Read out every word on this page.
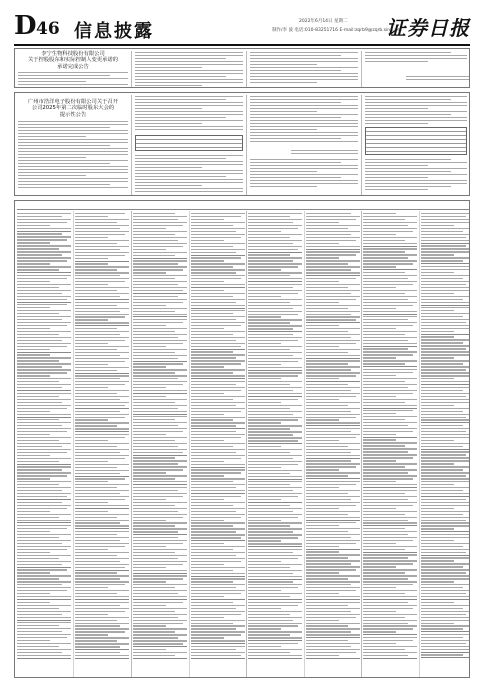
D 46 信息披露	2022年6月14日 星期二
制作/李 波 电话:010-83251716 E-mail:zqrb9@zqrb.sina.net
证券日报
李宁生物科技股份有限公司
关于控股股东和实际控制人变更承诺的
承诺完成公告
广州市浩洋电子股份有限公司关于召开
公司2025年第二次临时股东大会的
提示性公告
